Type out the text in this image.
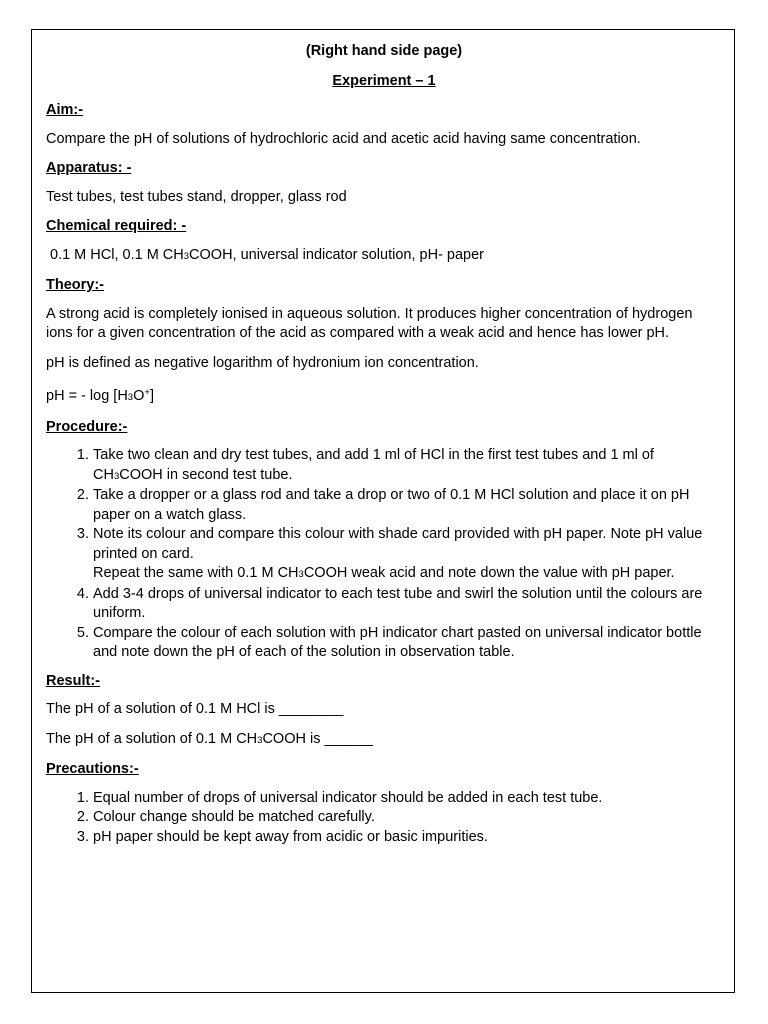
(Right hand side page)
Experiment – 1
Aim:-

Compare the pH of solutions of hydrochloric acid and acetic acid having same concentration.

Apparatus: -

Test tubes, test tubes stand, dropper, glass rod

Chemical required: -

0.1 M HCl, 0.1 M CH3COOH, universal indicator solution, pH- paper

Theory:-

A strong acid is completely ionised in aqueous solution. It produces higher concentration of hydrogen ions for a given concentration of the acid as compared with a weak acid and hence has lower pH.

pH is defined as negative logarithm of hydronium ion concentration.

pH = - log [H3O+]

Procedure:-
1. Take two clean and dry test tubes, and add 1 ml of HCl in the first test tubes and 1 ml of CH3COOH in second test tube.
2. Take a dropper or a glass rod and take a drop or two of 0.1 M HCl solution and place it on pH paper on a watch glass.
3. Note its colour and compare this colour with shade card provided with pH paper. Note pH value printed on card.
Repeat the same with 0.1 M CH3COOH weak acid and note down the value with pH paper.
4. Add 3-4 drops of universal indicator to each test tube and swirl the solution until the colours are uniform.
5. Compare the colour of each solution with pH indicator chart pasted on universal indicator bottle and note down the pH of each of the solution in observation table.
Result:-

The pH of a solution of 0.1 M HCl is ________

The pH of a solution of 0.1 M CH3COOH is ______

Precautions:-
1. Equal number of drops of universal indicator should be added in each test tube.
2. Colour change should be matched carefully.
3. pH paper should be kept away from acidic or basic impurities.
